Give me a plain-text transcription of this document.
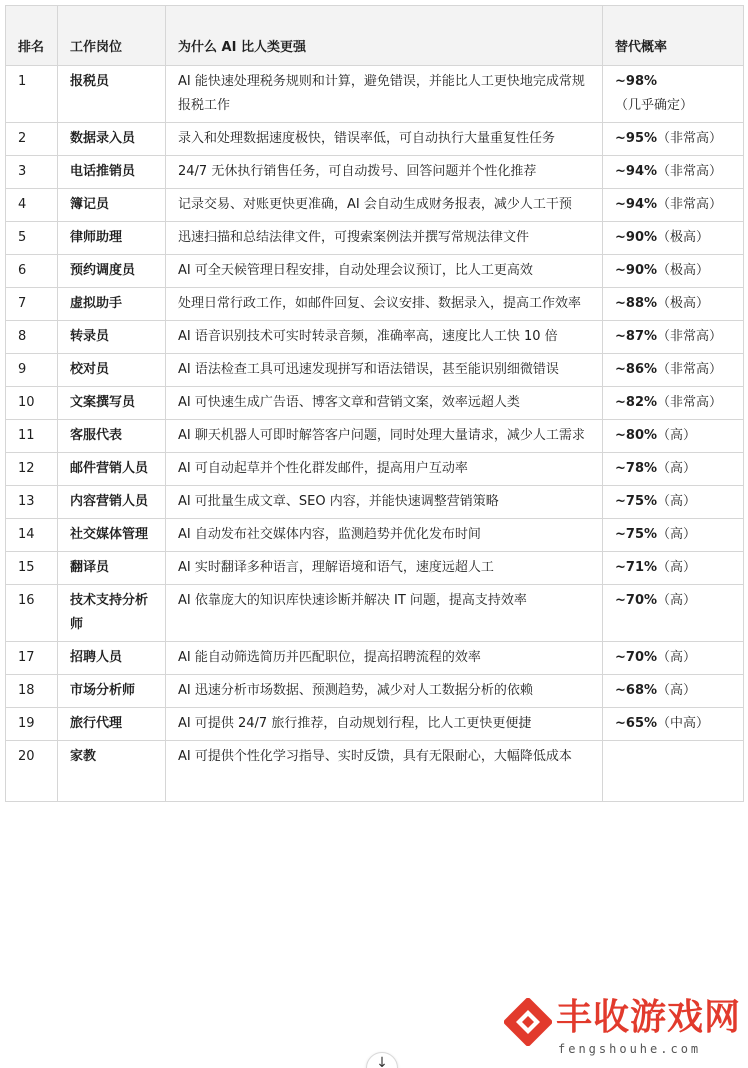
排名	工作岗位	为什么 AI 比人类更强	替代概率
1	报税员	AI 能快速处理税务规则和计算，避免错误，并能比人工更快地完成常规报税工作	~98%（几乎确定）
2	数据录入员	录入和处理数据速度极快，错误率低，可自动执行大量重复性任务	~95%（非常高）
3	电话推销员	24/7 无休执行销售任务，可自动拨号、回答问题并个性化推荐	~94%（非常高）
4	簿记员	记录交易、对账更快更准确，AI 会自动生成财务报表，减少人工干预	~94%（非常高）
5	律师助理	迅速扫描和总结法律文件，可搜索案例法并撰写常规法律文件	~90%（极高）
6	预约调度员	AI 可全天候管理日程安排，自动处理会议预订，比人工更高效	~90%（极高）
7	虚拟助手	处理日常行政工作，如邮件回复、会议安排、数据录入，提高工作效率	~88%（极高）
8	转录员	AI 语音识别技术可实时转录音频，准确率高，速度比人工快 10 倍	~87%（非常高）
9	校对员	AI 语法检查工具可迅速发现拼写和语法错误，甚至能识别细微错误	~86%（非常高）
10	文案撰写员	AI 可快速生成广告语、博客文章和营销文案，效率远超人类	~82%（非常高）
11	客服代表	AI 聊天机器人可即时解答客户问题，同时处理大量请求，减少人工需求	~80%（高）
12	邮件营销人员	AI 可自动起草并个性化群发邮件，提高用户互动率	~78%（高）
13	内容营销人员	AI 可批量生成文章、SEO 内容，并能快速调整营销策略	~75%（高）
14	社交媒体管理	AI 自动发布社交媒体内容，监测趋势并优化发布时间	~75%（高）
15	翻译员	AI 实时翻译多种语言，理解语境和语气，速度远超人工	~71%（高）
16	技术支持分析师	AI 依靠庞大的知识库快速诊断并解决 IT 问题，提高支持效率	~70%（高）
17	招聘人员	AI 能自动筛选简历并匹配职位，提高招聘流程的效率	~70%（高）
18	市场分析师	AI 迅速分析市场数据、预测趋势，减少对人工数据分析的依赖	~68%（高）
19	旅行代理	AI 可提供 24/7 旅行推荐，自动规划行程，比人工更快更便捷	~65%（中高）
20	家教	AI 可提供个性化学习指导、实时反馈，具有无限耐心，大幅降低成本	
↓
丰收游戏网
fengshouhe.com
